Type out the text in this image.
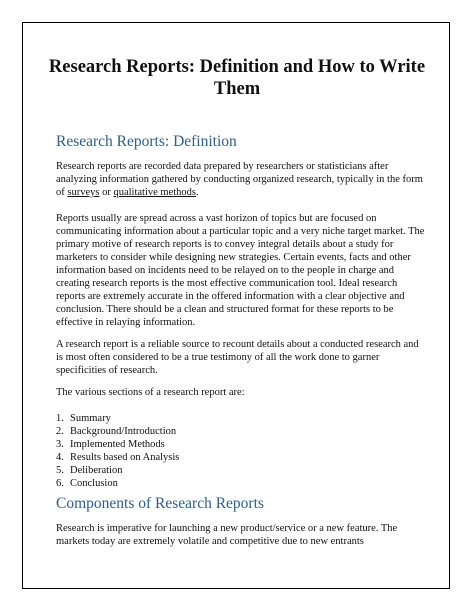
Research Reports: Definition and How to Write Them
Research Reports: Definition

Research reports are recorded data prepared by researchers or statisticians after analyzing information gathered by conducting organized research, typically in the form of surveys or qualitative methods.

Reports usually are spread across a vast horizon of topics but are focused on communicating information about a particular topic and a very niche target market. The primary motive of research reports is to convey integral details about a study for marketers to consider while designing new strategies. Certain events, facts and other information based on incidents need to be relayed on to the people in charge and creating research reports is the most effective communication tool. Ideal research reports are extremely accurate in the offered information with a clear objective and conclusion. There should be a clean and structured format for these reports to be effective in relaying information.

A research report is a reliable source to recount details about a conducted research and is most often considered to be a true testimony of all the work done to garner specificities of research.

The various sections of a research report are:

1. Summary
2. Background/Introduction
3. Implemented Methods
4. Results based on Analysis
5. Deliberation
6. Conclusion
Components of Research Reports

Research is imperative for launching a new product/service or a new feature. The markets today are extremely volatile and competitive due to new entrants
